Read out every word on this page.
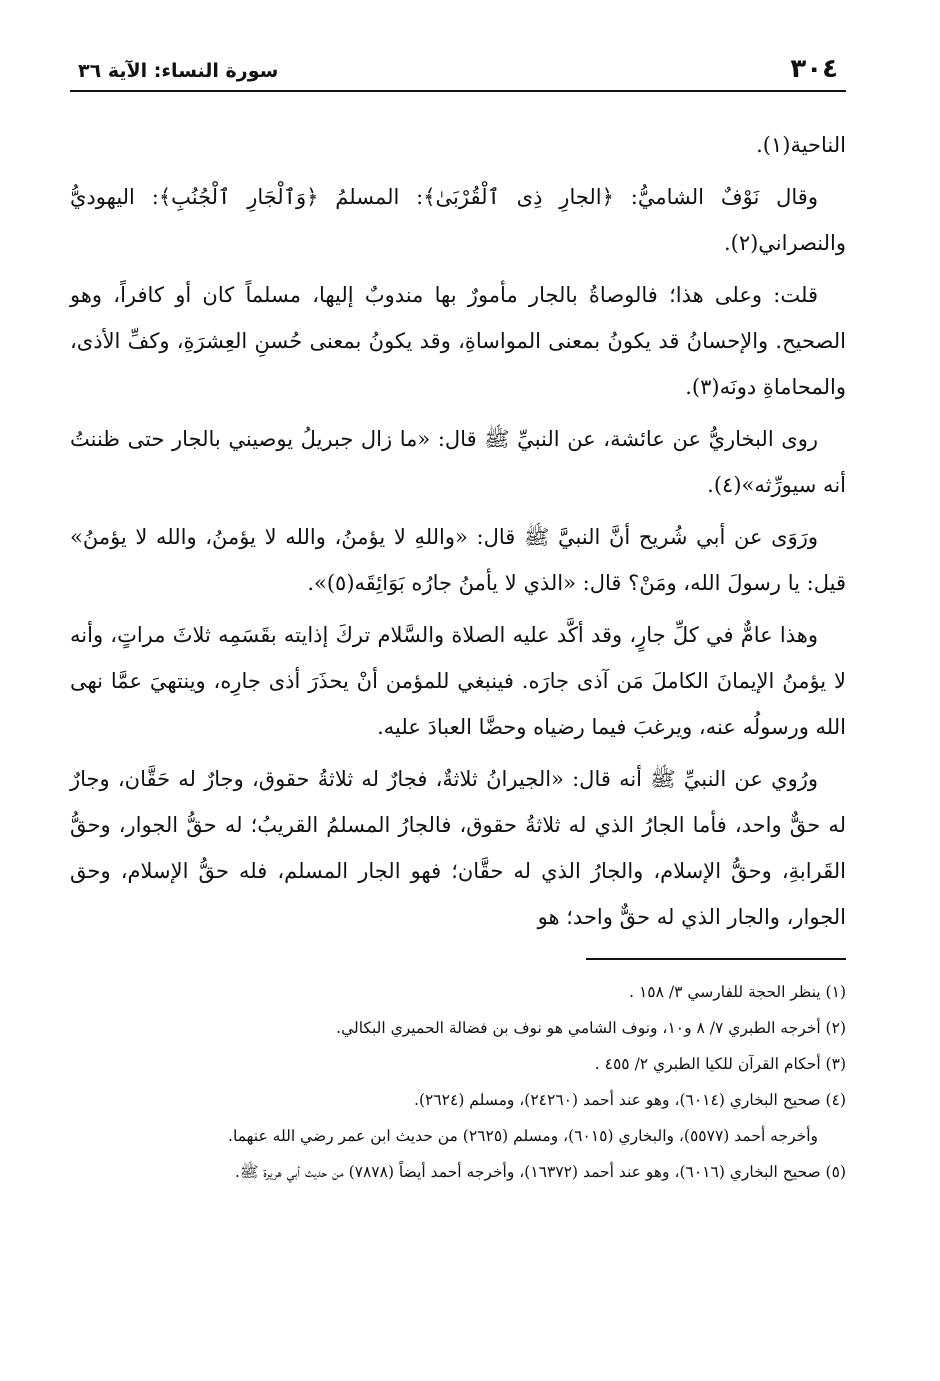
٣٠٤
سورة النساء: الآية ٣٦

الناحية(١).

وقال نَوْفٌ الشاميُّ: ﴿الجارِ ذِى ٱلْقُرْبَىٰ﴾: المسلمُ ﴿وَٱلْجَارِ ٱلْجُنُبِ﴾: اليهوديُّ والنصراني(٢).

قلت: وعلى هذا؛ فالوصاةُ بالجار مأمورٌ بها مندوبٌ إليها، مسلماً كان أو كافراً، وهو الصحيح. والإحسانُ قد يكونُ بمعنى المواساةِ، وقد يكونُ بمعنى حُسنِ العِشرَةِ، وكفِّ الأذى، والمحاماةِ دونَه(٣).

روى البخاريُّ عن عائشة، عن النبيِّ ﷺ قال: «ما زال جبريلُ يوصيني بالجار حتى ظننتُ أنه سيورِّثه»(٤).

ورَوَى عن أبي شُريح أنَّ النبيَّ ﷺ قال: «واللهِ لا يؤمنُ، والله لا يؤمنُ، والله لا يؤمنُ» قيل: يا رسولَ الله، ومَنْ؟ قال: «الذي لا يأمنُ جارُه بَوَائِقَه(٥)».

وهذا عامٌّ في كلِّ جارٍ، وقد أكَّد عليه الصلاة والسَّلام تركَ إذايته بقَسَمِه ثلاثَ مراتٍ، وأنه لا يؤمنُ الإيمانَ الكاملَ مَن آذى جارَه. فينبغي للمؤمن أنْ يحذَرَ أذى جارِه، وينتهيَ عمَّا نهى الله ورسولُه عنه، ويرغبَ فيما رضياه وحضَّا العبادَ عليه.

ورُوي عن النبيِّ ﷺ أنه قال: «الجيرانُ ثلاثةٌ، فجارٌ له ثلاثةُ حقوق، وجارٌ له حَقَّان، وجارٌ له حقٌّ واحد، فأما الجارُ الذي له ثلاثةُ حقوق، فالجارُ المسلمُ القريبُ؛ له حقُّ الجوار، وحقُّ القَرابةِ، وحقُّ الإسلام، والجارُ الذي له حقَّان؛ فهو الجار المسلم، فله حقُّ الإسلام، وحق الجوار، والجار الذي له حقٌّ واحد؛ هو

(١) ينظر الحجة للفارسي ٣/ ١٥٨ .

(٢) أخرجه الطبري ٧/ ٨ و١٠، ونوف الشامي هو نوف بن فضالة الحميري البكالي.

(٣) أحكام القرآن للكيا الطبري ٢/ ٤٥٥ .

(٤) صحيح البخاري (٦٠١٤)، وهو عند أحمد (٢٤٢٦٠)، ومسلم (٢٦٢٤).

وأخرجه أحمد (٥٥٧٧)، والبخاري (٦٠١٥)، ومسلم (٢٦٢٥) من حديث ابن عمر رضي الله عنهما.

(٥) صحيح البخاري (٦٠١٦)، وهو عند أحمد (١٦٣٧٢)، وأخرجه أحمد أيضاً (٧٨٧٨) من حديث أبي هريرة ﷺ.
